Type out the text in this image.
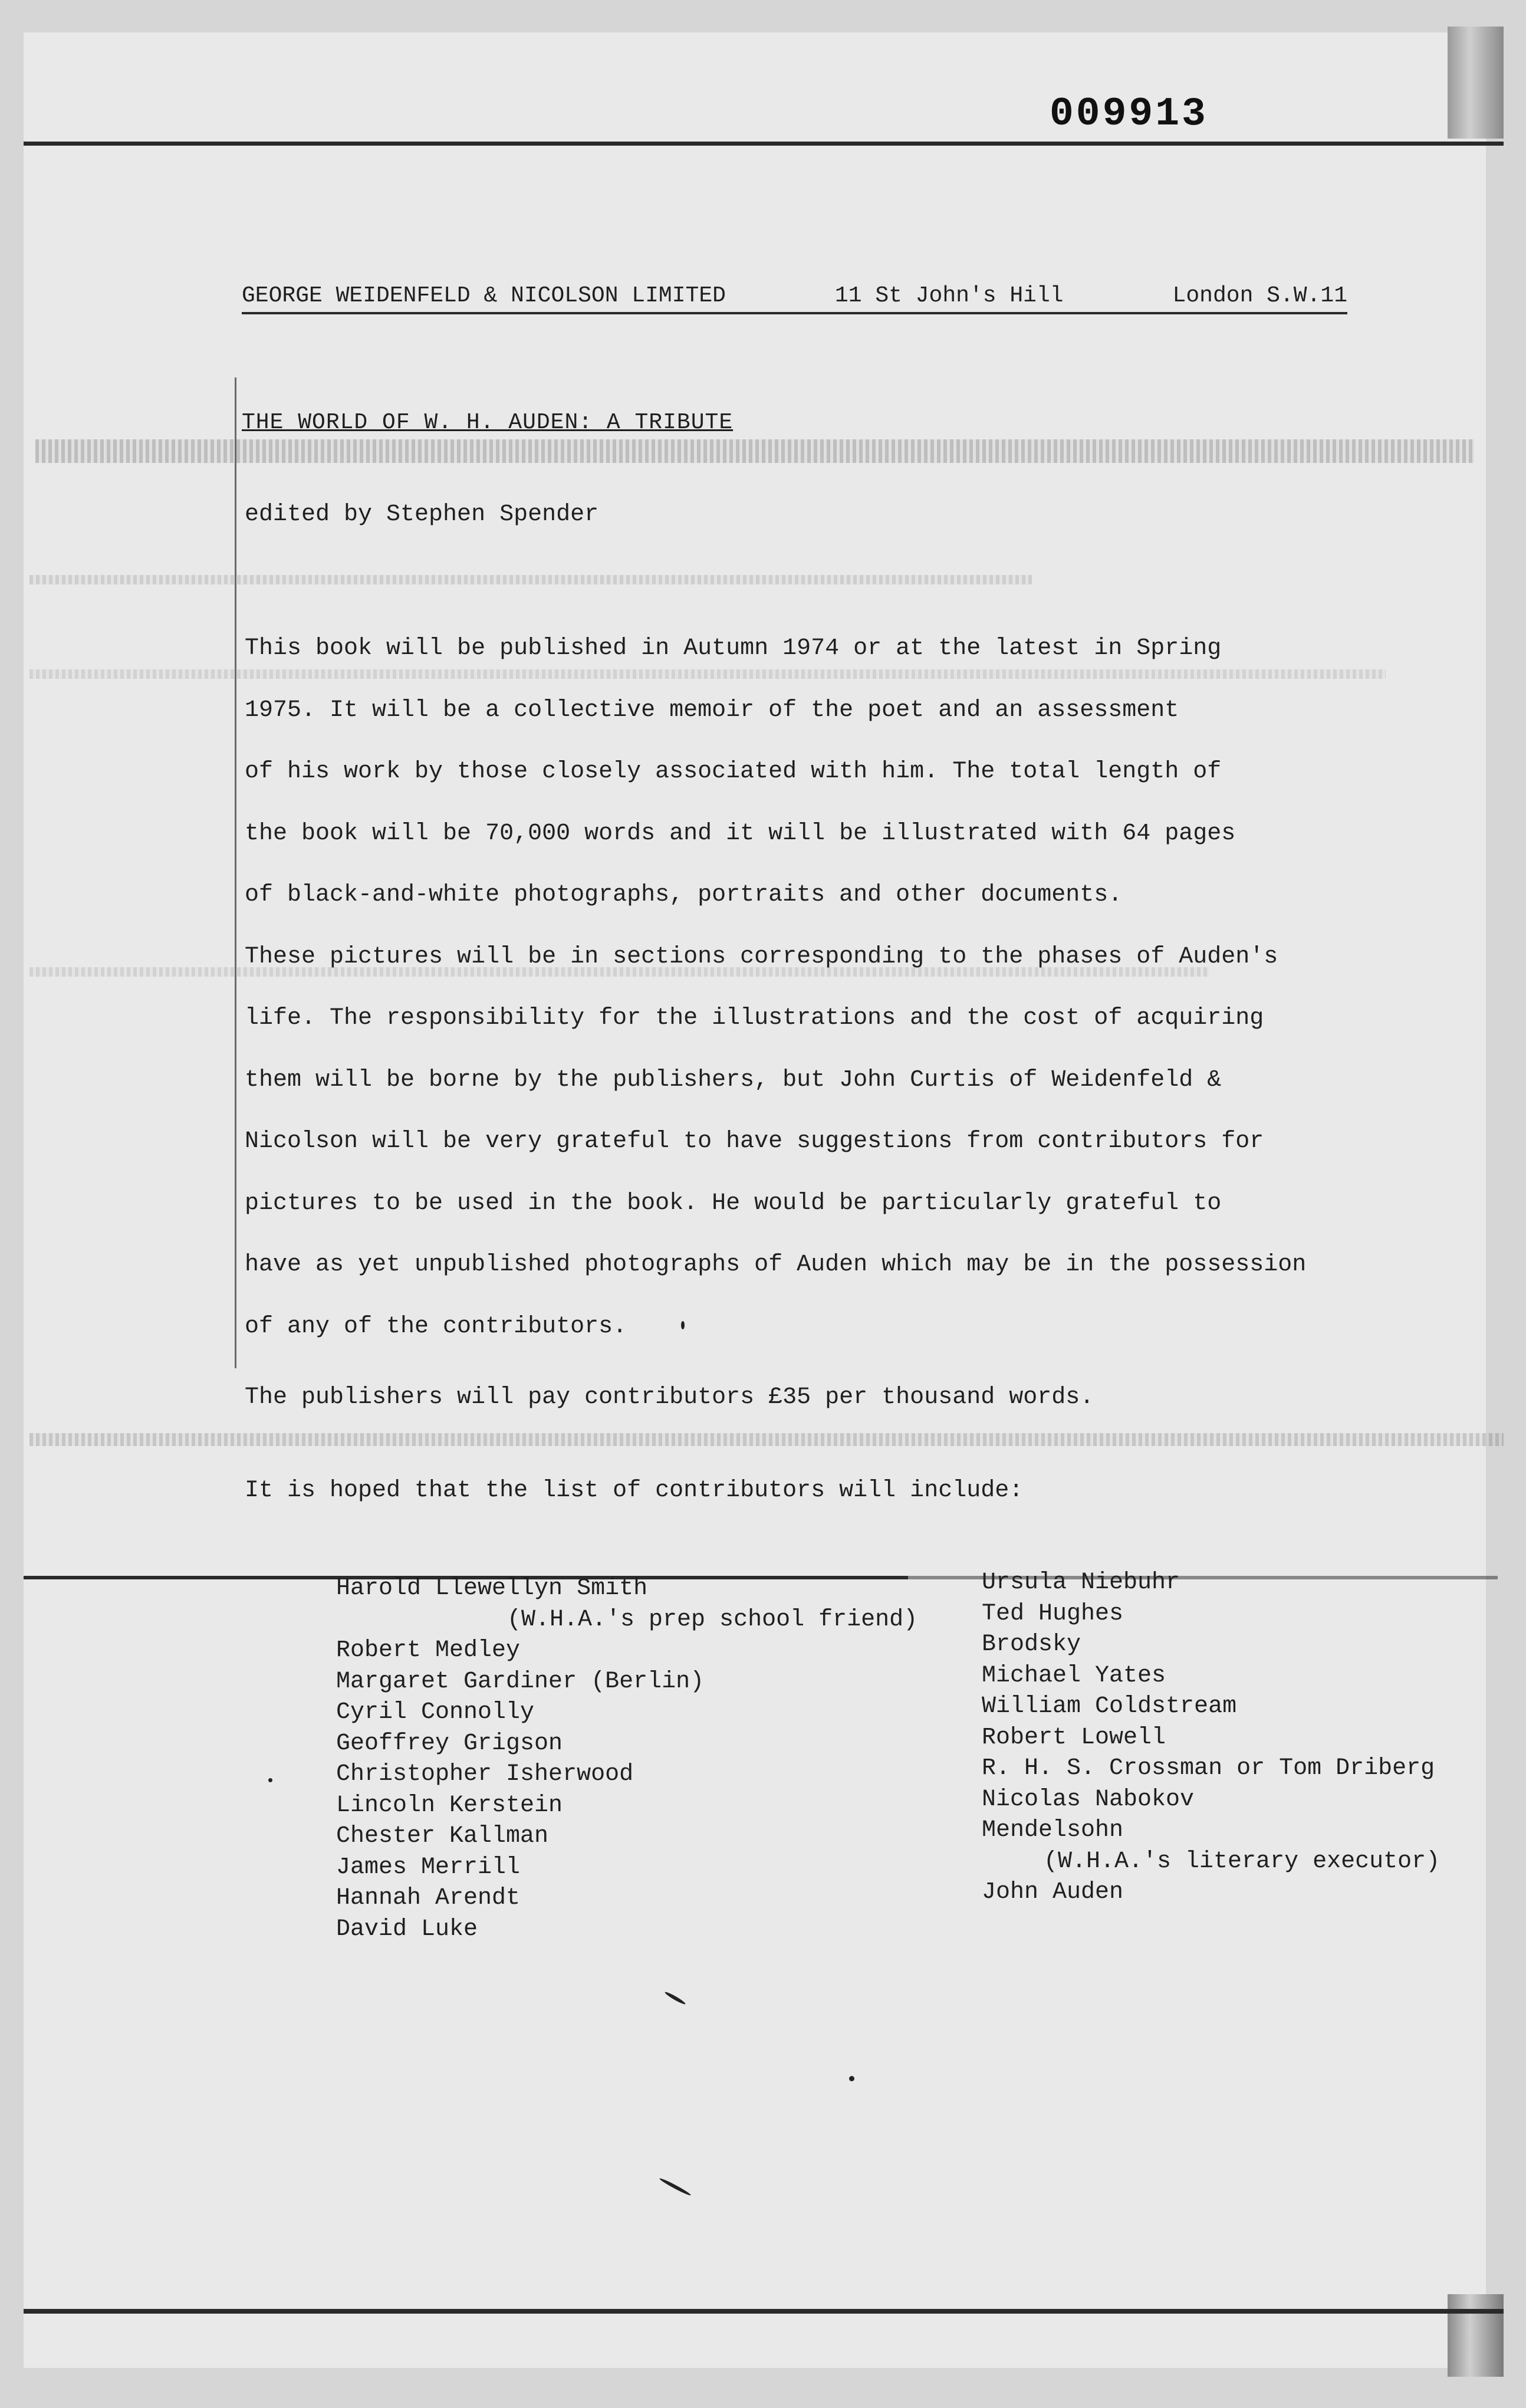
009913
GEORGE WEIDENFELD & NICOLSON LIMITED	11 St John's Hill	London S.W.11
THE WORLD OF W. H. AUDEN: A TRIBUTE
edited by Stephen Spender

This book will be published in Autumn 1974 or at the latest in Spring

1975. It will be a collective memoir of the poet and an assessment

of his work by those closely associated with him. The total length of

the book will be 70,000 words and it will be illustrated with 64 pages

of black-and-white photographs, portraits and other documents.

These pictures will be in sections corresponding to the phases of Auden's

life. The responsibility for the illustrations and the cost of acquiring

them will be borne by the publishers, but John Curtis of Weidenfeld &

Nicolson will be very grateful to have suggestions from contributors for

pictures to be used in the book. He would be particularly grateful to

have as yet unpublished photographs of Auden which may be in the possession

of any of the contributors.

The publishers will pay contributors £35 per thousand words.
It is hoped that the list of contributors will include:
Harold Llewellyn Smith
(W.H.A.'s prep school friend)
Robert Medley
Margaret Gardiner (Berlin)
Cyril Connolly
Geoffrey Grigson
Christopher Isherwood
Lincoln Kerstein
Chester Kallman
James Merrill
Hannah Arendt
David Luke
Ursula Niebuhr
Ted Hughes
Brodsky
Michael Yates
William Coldstream
Robert Lowell
R. H. S. Crossman or Tom Driberg
Nicolas Nabokov
Mendelsohn
(W.H.A.'s literary executor)
John Auden
